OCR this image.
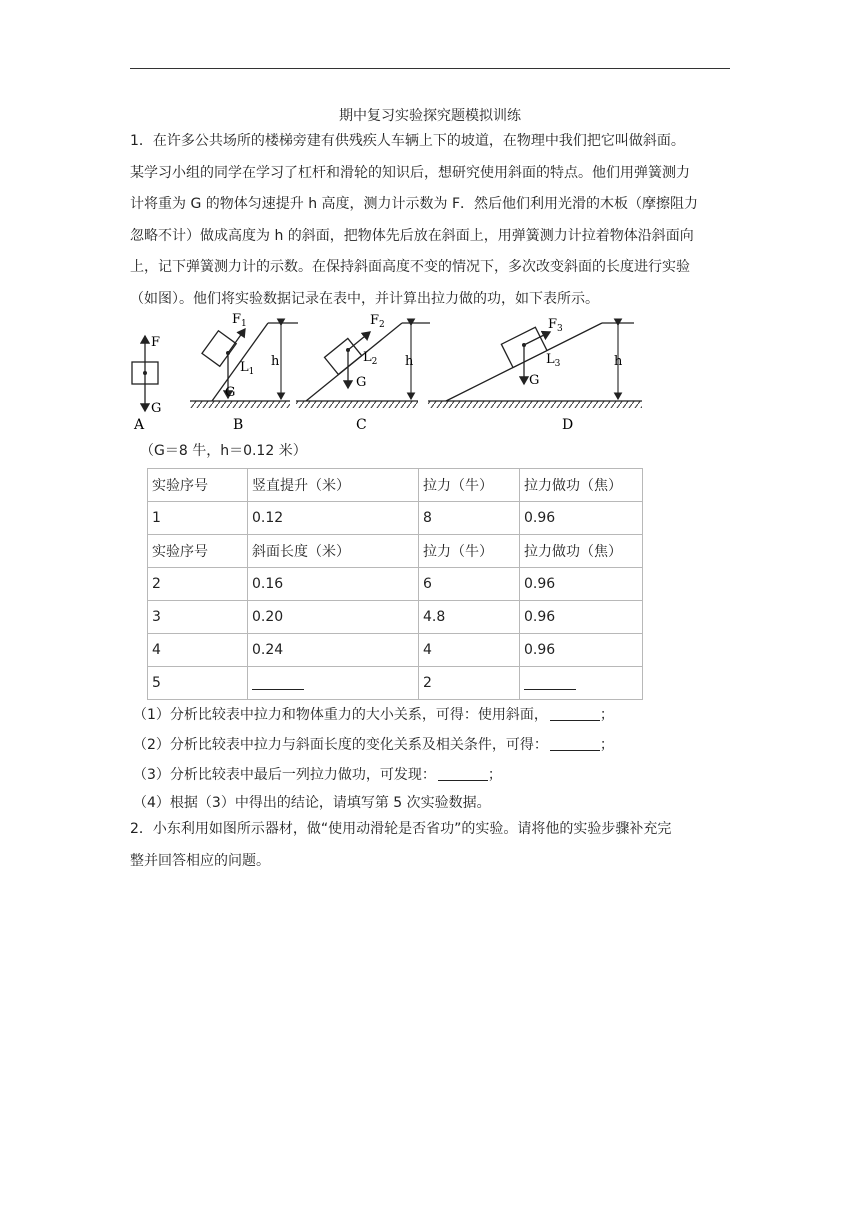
期中复习实验探究题模拟训练

1．在许多公共场所的楼梯旁建有供残疾人车辆上下的坡道，在物理中我们把它叫做斜面。

某学习小组的同学在学习了杠杆和滑轮的知识后，想研究使用斜面的特点。他们用弹簧测力

计将重为 G 的物体匀速提升 h 高度，测力计示数为 F．然后他们利用光滑的木板（摩擦阻力

忽略不计）做成高度为 h 的斜面，把物体先后放在斜面上，用弹簧测力计拉着物体沿斜面向

上，记下弹簧测力计的示数。在保持斜面高度不变的情况下，多次改变斜面的长度进行实验

（如图）。他们将实验数据记录在表中，并计算出拉力做的功，如下表所示。

F
G
A
$F_1$
$L_1$
G
h
B
$F_2$
$L_2$
G
h
C
$F_3$
$L_3$
G
h
D
（G＝8 牛，h＝0.12 米）
实验序号	竖直提升（米）	拉力（牛）	拉力做功（焦）
1	0.12	8	0.96
实验序号	斜面长度（米）	拉力（牛）	拉力做功（焦）
2	0.16	6	0.96
3	0.20	4.8	0.96
4	0.24	4	0.96
5		2	
（1）分析比较表中拉力和物体重力的大小关系，可得：使用斜面，	；
（2）分析比较表中拉力与斜面长度的变化关系及相关条件，可得：	；
（3）分析比较表中最后一列拉力做功，可发现：	；
（4）根据（3）中得出的结论，请填写第 5 次实验数据。

2．小东利用如图所示器材，做“使用动滑轮是否省功”的实验。请将他的实验步骤补充完

整并回答相应的问题。
